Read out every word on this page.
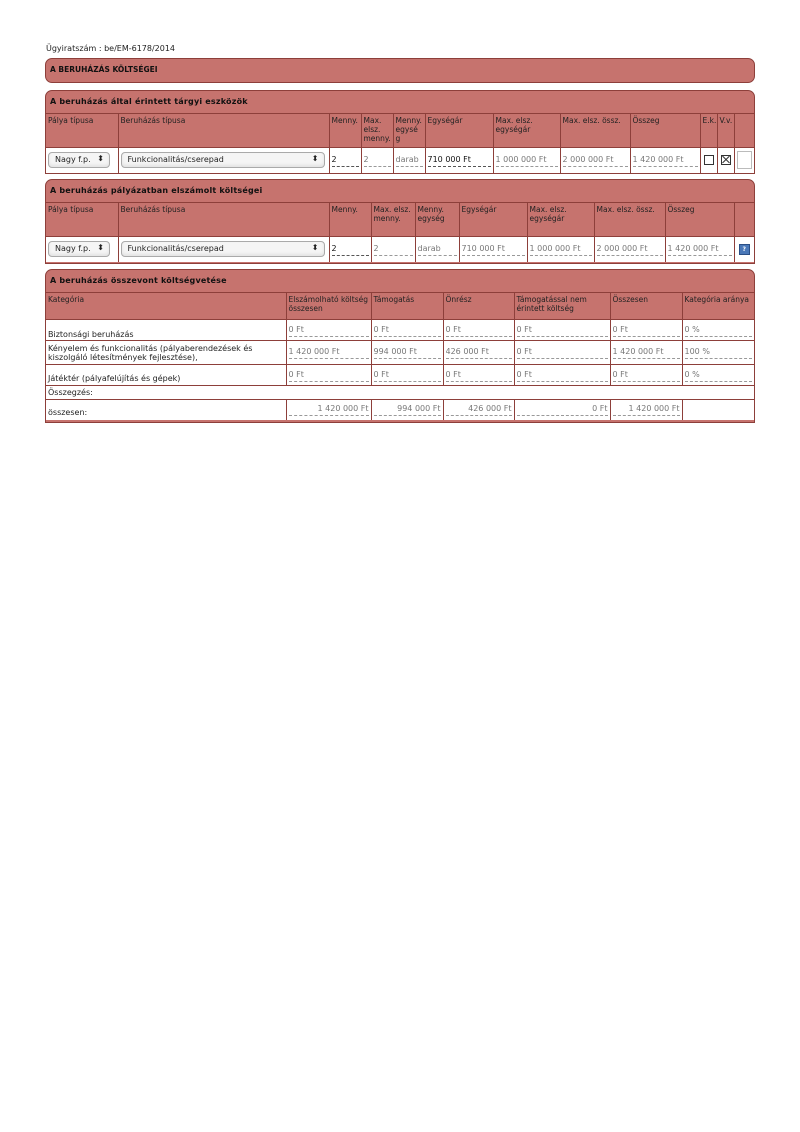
Ügyiratszám : be/EM-6178/2014
A BERUHÁZÁS KÖLTSÉGEI
A beruházás által érintett tárgyi eszközök
Pálya típusa	Beruházás típusa	Menny.	Max. elsz. menny.	Menny. egysé g	Egységár	Max. elsz. egységár	Max. elsz. össz.	Összeg	E.k.	V.v.	
Nagy f.p. ⬍	Funkcionalitás/cserepad ⬍	2	2	darab	710 000 Ft	1 000 000 Ft	2 000 000 Ft	1 420 000 Ft			

A beruházás pályázatban elszámolt költségei
Pálya típusa	Beruházás típusa	Menny.	Max. elsz. menny.	Menny. egység	Egységár	Max. elsz. egységár	Max. elsz. össz.	Összeg	
Nagy f.p. ⬍	Funkcionalitás/cserepad ⬍	2	2	darab	710 000 Ft	1 000 000 Ft	2 000 000 Ft	1 420 000 Ft	?
A beruházás összevont költségvetése
Kategória	Elszámolható költség összesen	Támogatás	Önrész	Támogatással nem érintett költség	Összesen	Kategória aránya
Biztonsági beruházás	0 Ft	0 Ft	0 Ft	0 Ft	0 Ft	0 %

Kényelem és funkcionalitás (pályaberendezések és kiszolgáló létesítmények fejlesztése),	1 420 000 Ft	994 000 Ft	426 000 Ft	0 Ft	1 420 000 Ft	100 %

Játéktér (pályafelújítás és gépek)	0 Ft	0 Ft	0 Ft	0 Ft	0 Ft	0 %

Összegzés:						
összesen:	1 420 000 Ft	994 000 Ft	426 000 Ft	0 Ft	1 420 000 Ft	
